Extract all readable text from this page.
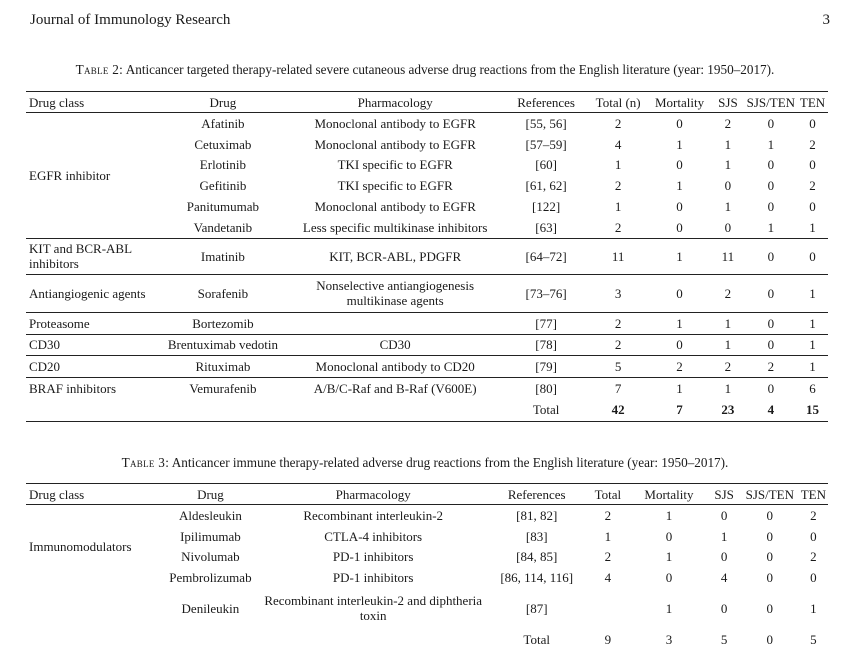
Journal of Immunology Research	3
Table 2: Anticancer targeted therapy-related severe cutaneous adverse drug reactions from the English literature (year: 1950–2017).
Drug class	Drug	Pharmacology	References	Total (n)	Mortality	SJS	SJS/TEN	TEN
EGFR inhibitor	Afatinib	Monoclonal antibody to EGFR	[55, 56]	2	0	2	0	0
	Cetuximab	Monoclonal antibody to EGFR	[57–59]	4	1	1	1	2
	Erlotinib	TKI specific to EGFR	[60]	1	0	1	0	0
	Gefitinib	TKI specific to EGFR	[61, 62]	2	1	0	0	2
	Panitumumab	Monoclonal antibody to EGFR	[122]	1	0	1	0	0
	Vandetanib	Less specific multikinase inhibitors	[63]	2	0	0	1	1
KIT and BCR-ABL inhibitors	Imatinib	KIT, BCR-ABL, PDGFR	[64–72]	11	1	11	0	0
Antiangiogenic agents	Sorafenib	Nonselective antiangiogenesis multikinase agents	[73–76]	3	0	2	0	1
Proteasome	Bortezomib		[77]	2	1	1	0	1
CD30	Brentuximab vedotin	CD30	[78]	2	0	1	0	1
CD20	Rituximab	Monoclonal antibody to CD20	[79]	5	2	2	2	1
BRAF inhibitors	Vemurafenib	A/B/C-Raf and B-Raf (V600E)	[80]	7	1	1	0	6
			Total	42	7	23	4	15
Table 3: Anticancer immune therapy-related adverse drug reactions from the English literature (year: 1950–2017).
Drug class	Drug	Pharmacology	References	Total	Mortality	SJS	SJS/TEN	TEN
Immunomodulators	Aldesleukin	Recombinant interleukin-2	[81, 82]	2	1	0	0	2
	Ipilimumab	CTLA-4 inhibitors	[83]	1	0	1	0	0
	Nivolumab	PD-1 inhibitors	[84, 85]	2	1	0	0	2
	Pembrolizumab	PD-1 inhibitors	[86, 114, 116]	4	0	4	0	0
	Denileukin	Recombinant interleukin-2 and diphtheria toxin	[87]		1	0	0	1
			Total	9	3	5	0	5
